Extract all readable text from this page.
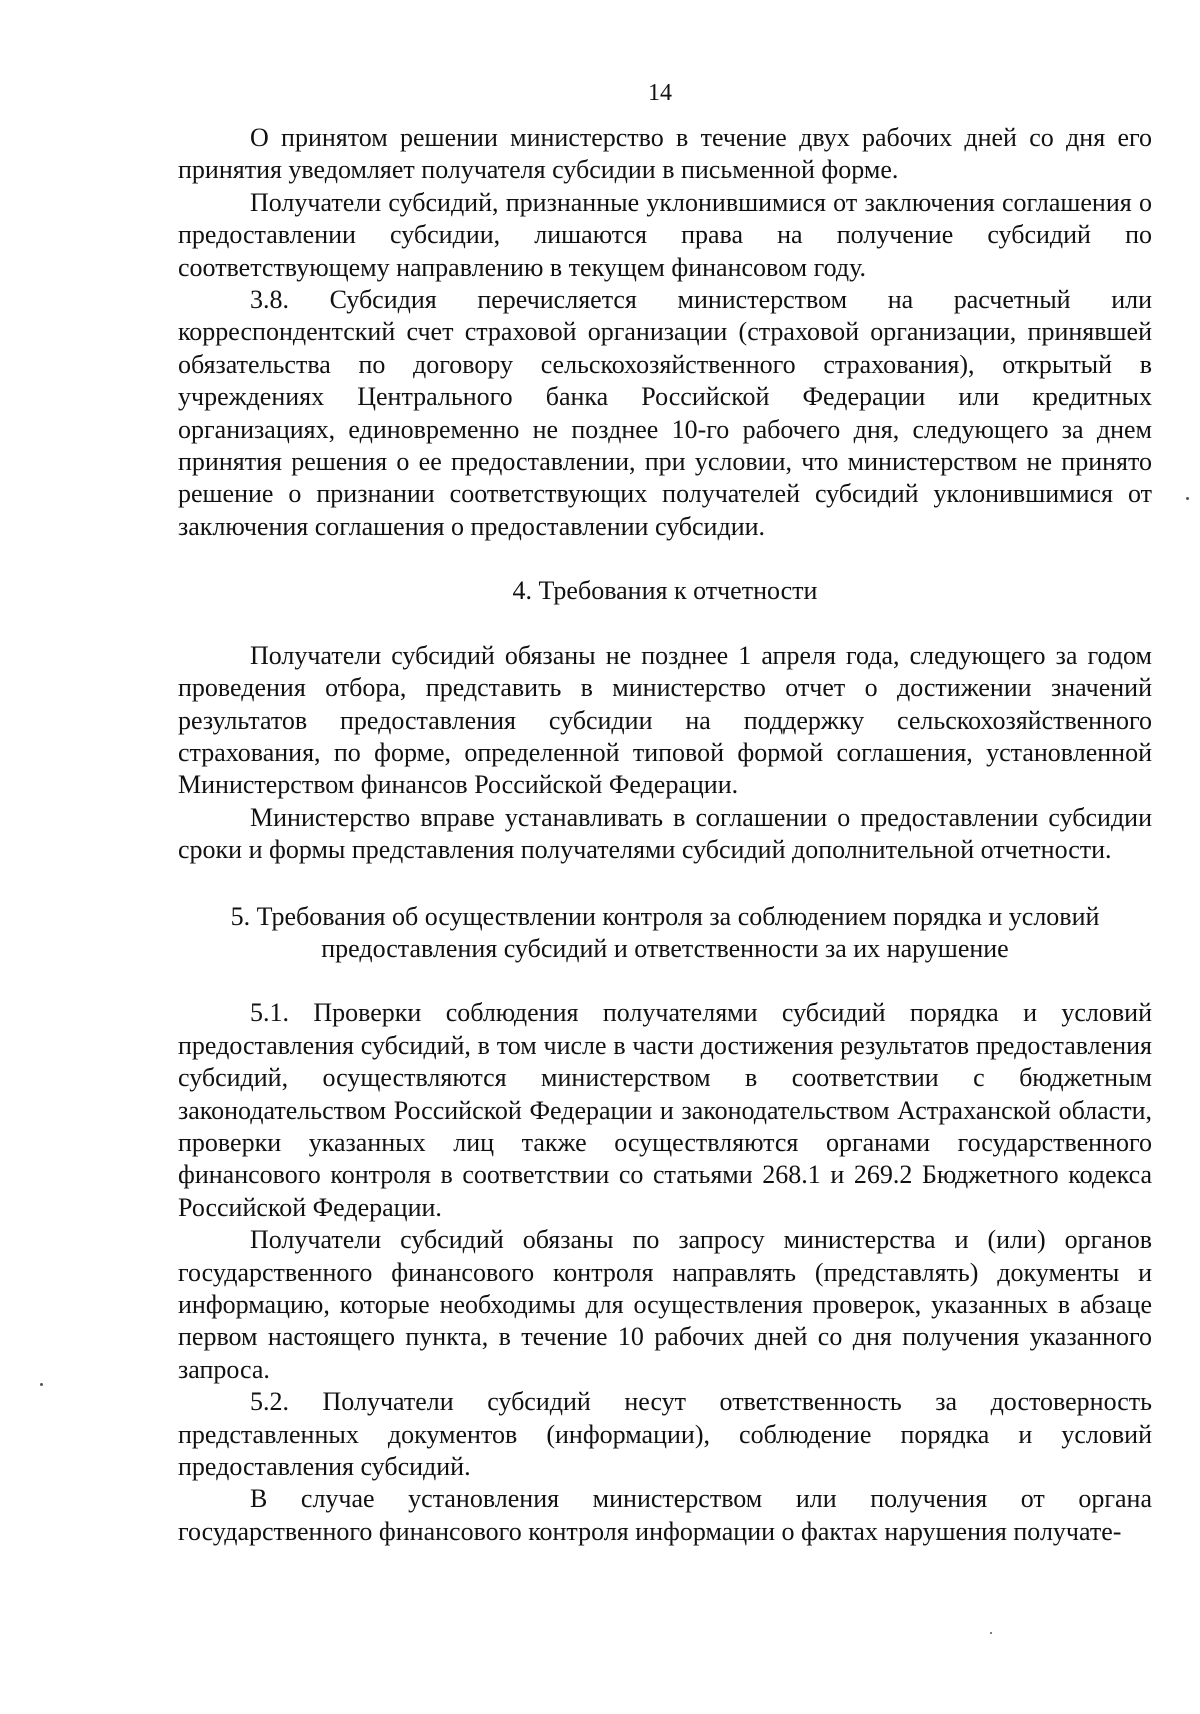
14

О принятом решении министерство в течение двух рабочих дней со дня его принятия уведомляет получателя субсидии в письменной форме.

Получатели субсидий, признанные уклонившимися от заключения соглашения о предоставлении субсидии, лишаются права на получение субсидий по соответствующему направлению в текущем финансовом году.

3.8. Субсидия перечисляется министерством на расчетный или корреспондентский счет страховой организации (страховой организации, принявшей обязательства по договору сельскохозяйственного страхования), открытый в учреждениях Центрального банка Российской Федерации или кредитных организациях, единовременно не позднее 10-го рабочего дня, следующего за днем принятия решения о ее предоставлении, при условии, что министерством не принято решение о признании соответствующих получателей субсидий уклонившимися от заключения соглашения о предоставлении субсидии.

4. Требования к отчетности

Получатели субсидий обязаны не позднее 1 апреля года, следующего за годом проведения отбора, представить в министерство отчет о достижении значений результатов предоставления субсидии на поддержку сельскохозяйственного страхования, по форме, определенной типовой формой соглашения, установленной Министерством финансов Российской Федерации.

Министерство вправе устанавливать в соглашении о предоставлении субсидии сроки и формы представления получателями субсидий дополнительной отчетности.

5. Требования об осуществлении контроля за соблюдением порядка и условий
предоставления субсидий и ответственности за их нарушение

5.1. Проверки соблюдения получателями субсидий порядка и условий предоставления субсидий, в том числе в части достижения результатов предоставления субсидий, осуществляются министерством в соответствии с бюджетным законодательством Российской Федерации и законодательством Астраханской области, проверки указанных лиц также осуществляются органами государственного финансового контроля в соответствии со статьями 268.1 и 269.2 Бюджетного кодекса Российской Федерации.

Получатели субсидий обязаны по запросу министерства и (или) органов государственного финансового контроля направлять (представлять) документы и информацию, которые необходимы для осуществления проверок, указанных в абзаце первом настоящего пункта, в течение 10 рабочих дней со дня получения указанного запроса.

5.2. Получатели субсидий несут ответственность за достоверность представленных документов (информации), соблюдение порядка и условий предоставления субсидий.

В случае установления министерством или получения от органа государственного финансового контроля информации о фактах нарушения получате-
